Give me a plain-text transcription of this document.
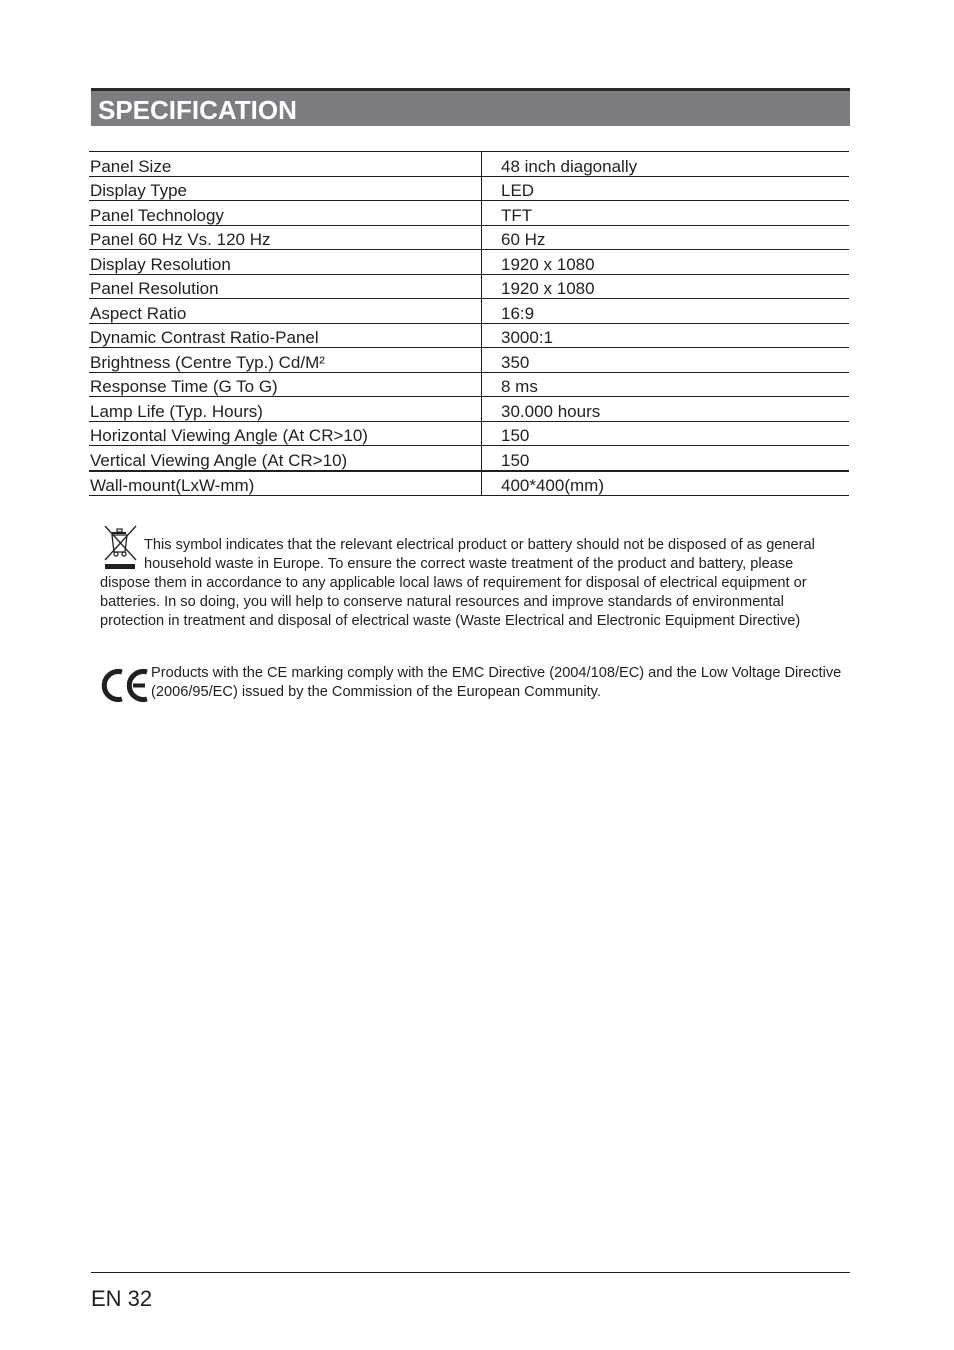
SPECIFICATION
Panel Size	48 inch diagonally
Display Type	LED
Panel Technology	TFT
Panel 60 Hz Vs. 120 Hz	60 Hz
Display Resolution	1920 x 1080
Panel Resolution	1920 x 1080
Aspect Ratio	16:9
Dynamic Contrast Ratio-Panel	3000:1
Brightness (Centre Typ.) Cd/M²	350
Response Time (G To G)	8 ms
Lamp Life (Typ. Hours)	30.000 hours
Horizontal Viewing Angle (At CR>10)	150
Vertical Viewing Angle (At CR>10)	150
Wall-mount(LxW-mm)	400*400(mm)
This symbol indicates that the relevant electrical product or battery should not be disposed of as general household waste in Europe. To ensure the correct waste treatment of the product and battery, please dispose them in accordance to any applicable local laws of requirement for disposal of electrical equipment or batteries. In so doing, you will help to conserve natural resources and improve standards of environmental protection in treatment and disposal of electrical waste (Waste Electrical and Electronic Equipment Directive)
Products with the CE marking comply with the EMC Directive (2004/108/EC) and the Low Voltage Directive (2006/95/EC) issued by the Commission of the European Community.
EN 32
